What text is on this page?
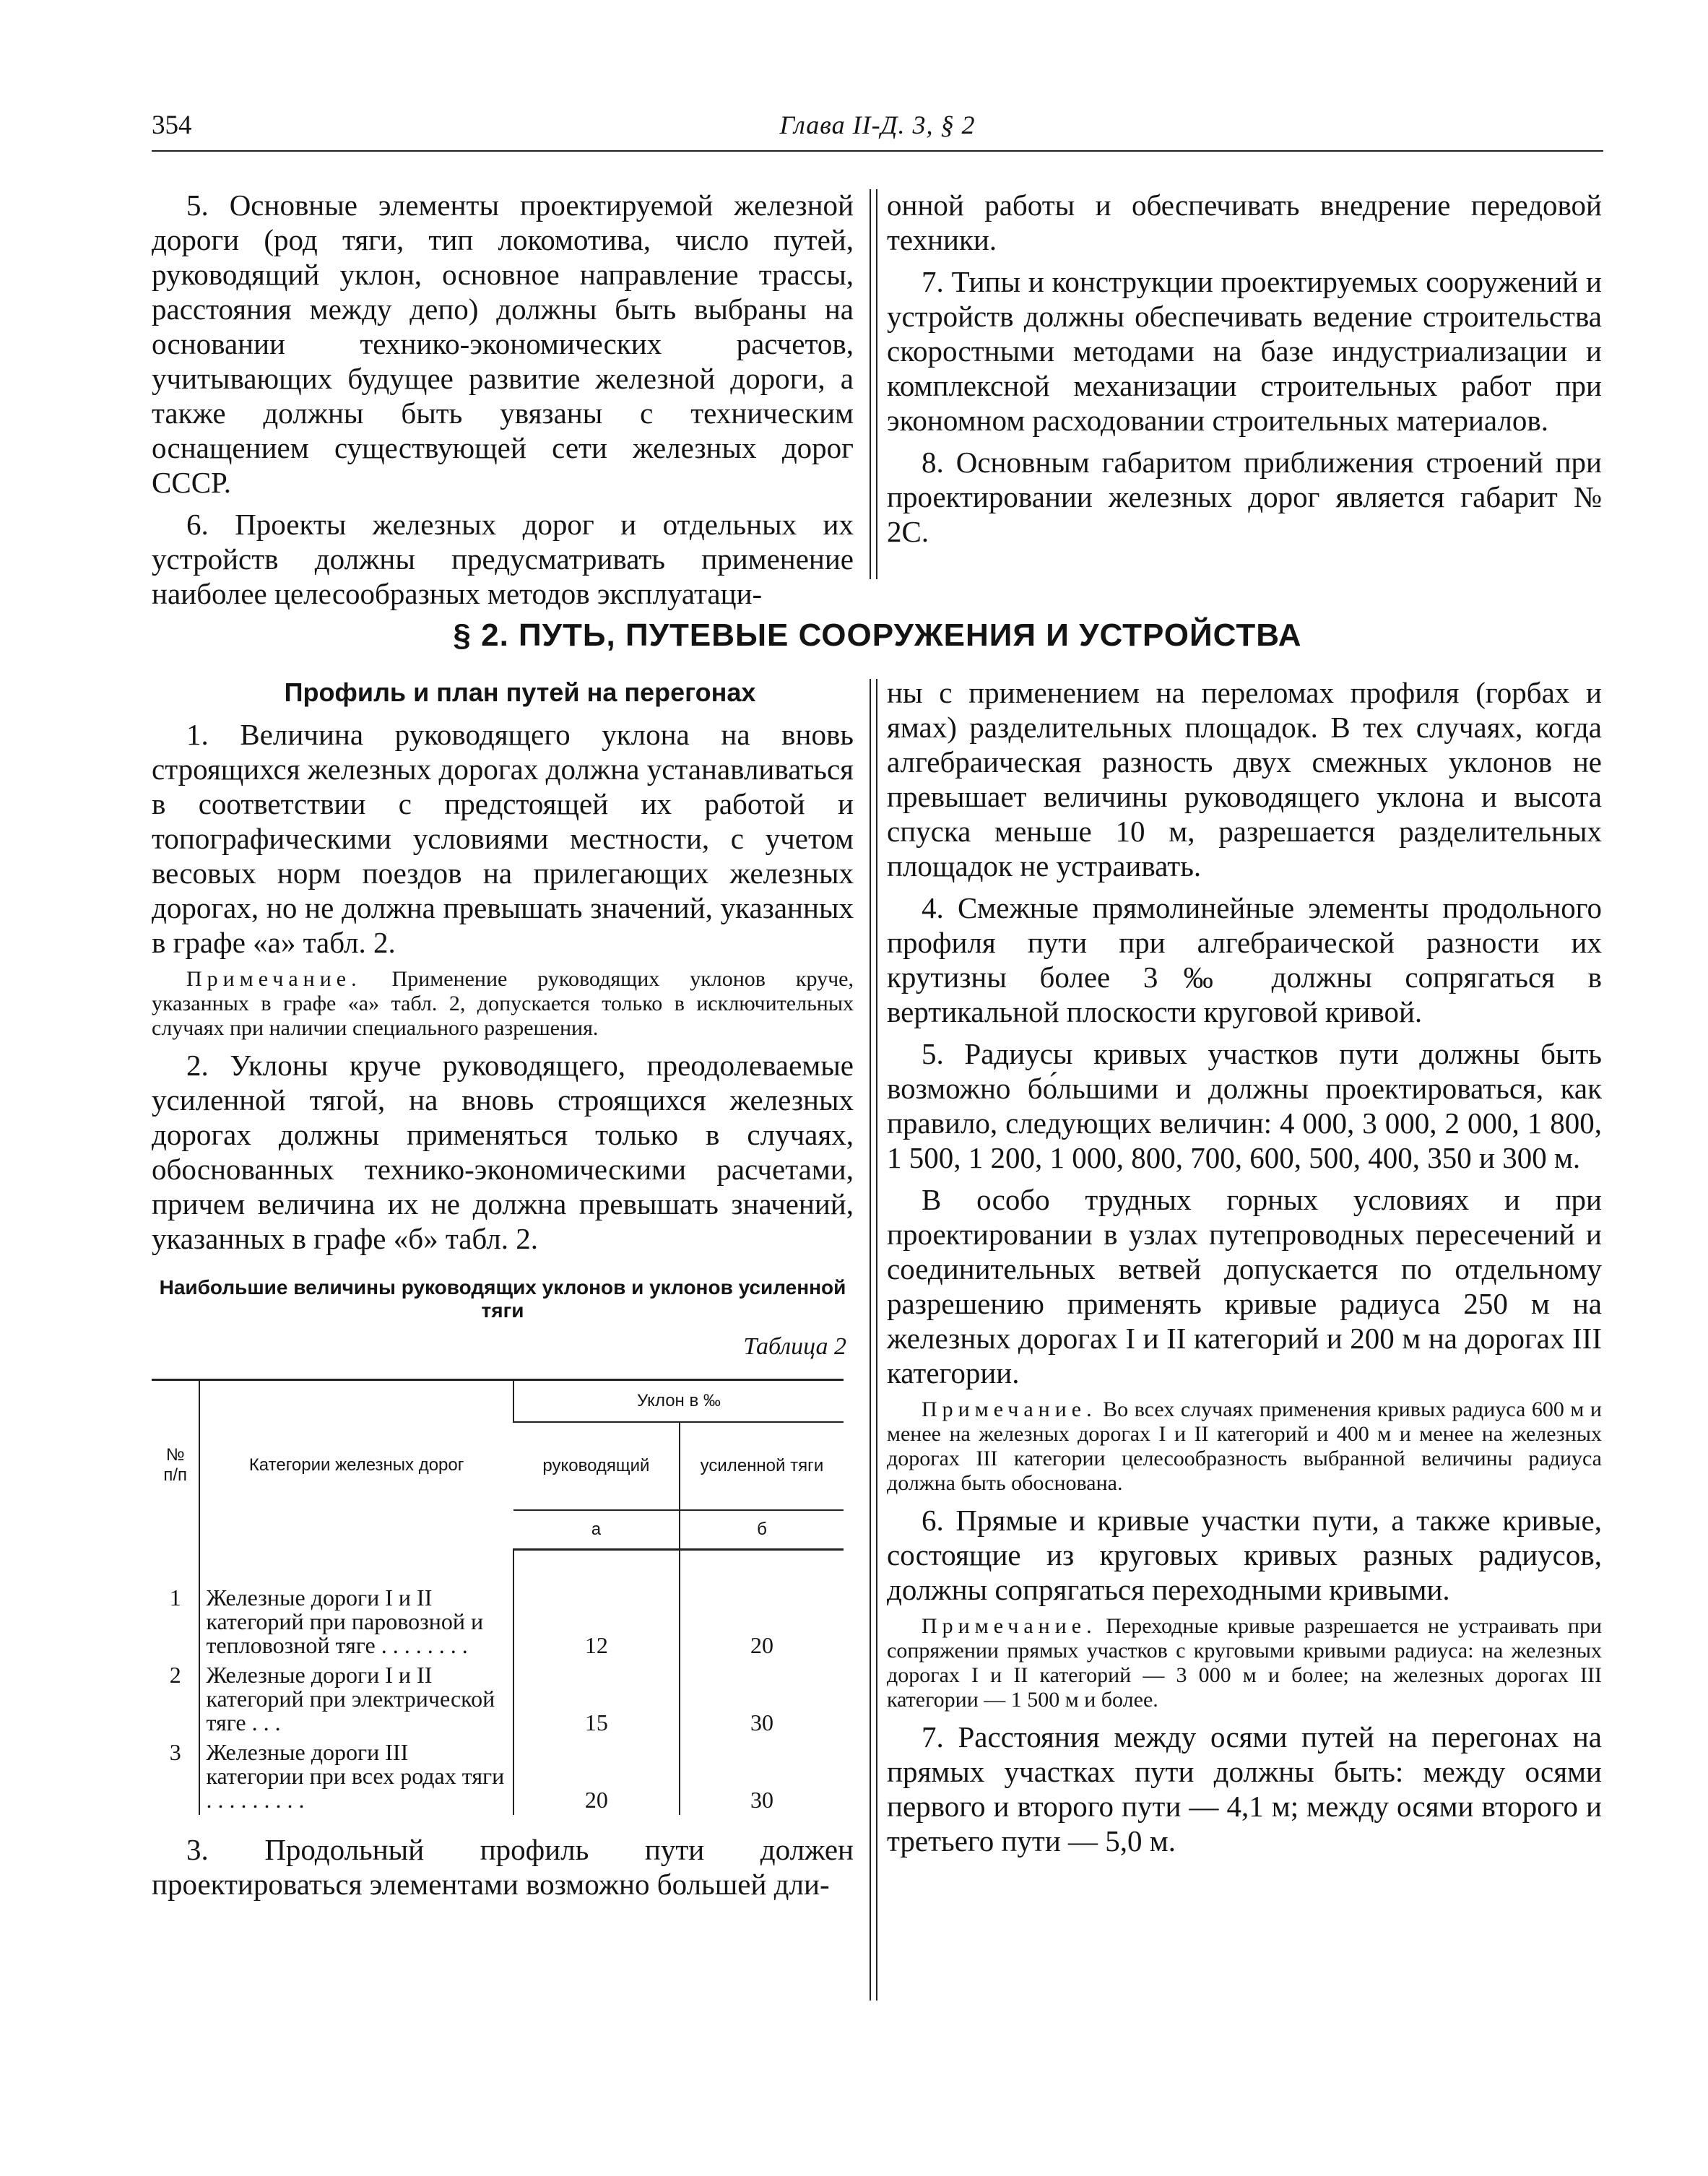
354	Глава II-Д. 3, § 2

5. Основные элементы проектируемой железной дороги (род тяги, тип локомотива, число путей, руководящий уклон, основное направление трассы, расстояния между депо) должны быть выбраны на основании технико-экономических расчетов, учитывающих будущее развитие железной дороги, а также должны быть увязаны с техническим оснащением существующей сети железных дорог СССР.

6. Проекты железных дорог и отдельных их устройств должны предусматривать применение наиболее целесообразных методов эксплуатаци-

онной работы и обеспечивать внедрение передовой техники.

7. Типы и конструкции проектируемых сооружений и устройств должны обеспечивать ведение строительства скоростными методами на базе индустриализации и комплексной механизации строительных работ при экономном расходовании строительных материалов.

8. Основным габаритом приближения строений при проектировании железных дорог является габарит № 2С.

§ 2. ПУТЬ, ПУТЕВЫЕ СООРУЖЕНИЯ И УСТРОЙСТВА

Профиль и план путей на перегонах

1. Величина руководящего уклона на вновь строящихся железных дорогах должна устанавливаться в соответствии с предстоящей их работой и топографическими условиями местности, с учетом весовых норм поездов на прилегающих железных дорогах, но не должна превышать значений, указанных в графе «а» табл. 2.

Примечание. Применение руководящих уклонов круче, указанных в графе «а» табл. 2, допускается только в исключительных случаях при наличии специального разрешения.

2. Уклоны круче руководящего, преодолеваемые усиленной тягой, на вновь строящихся железных дорогах должны применяться только в случаях, обоснованных технико-экономическими расчетами, причем величина их не должна превышать значений, указанных в графе «б» табл. 2.

Наибольшие величины руководящих уклонов и уклонов усиленной тяги
Таблица 2
№ п/п	Категории железных дорог	Уклон в ‰	
		руководящий	усиленной тяги
		а	б
1	Железные дороги I и II категорий при паровозной и тепловозной тяге . . . . . . . .	12	20
2	Железные дороги I и II категорий при электрической тяге . . .	15	30
3	Железные дороги III категории при всех родах тяги . . . . . . . . .	20	30

3. Продольный профиль пути должен проектироваться элементами возможно большей дли-

ны с применением на переломах профиля (горбах и ямах) разделительных площадок. В тех случаях, когда алгебраическая разность двух смежных уклонов не превышает величины руководящего уклона и высота спуска меньше 10 м, разрешается разделительных площадок не устраивать.

4. Смежные прямолинейные элементы продольного профиля пути при алгебраической разности их крутизны более 3‰ должны сопрягаться в вертикальной плоскости круговой кривой.

5. Радиусы кривых участков пути должны быть возможно бо́льшими и должны проектироваться, как правило, следующих величин: 4 000, 3 000, 2 000, 1 800, 1 500, 1 200, 1 000, 800, 700, 600, 500, 400, 350 и 300 м.

В особо трудных горных условиях и при проектировании в узлах путепроводных пересечений и соединительных ветвей допускается по отдельному разрешению применять кривые радиуса 250 м на железных дорогах I и II категорий и 200 м на дорогах III категории.

Примечание. Во всех случаях применения кривых радиуса 600 м и менее на железных дорогах I и II категорий и 400 м и менее на железных дорогах III категории целесообразность выбранной величины радиуса должна быть обоснована.

6. Прямые и кривые участки пути, а также кривые, состоящие из круговых кривых разных радиусов, должны сопрягаться переходными кривыми.

Примечание. Переходные кривые разрешается не устраивать при сопряжении прямых участков с круговыми кривыми радиуса: на железных дорогах I и II категорий — 3 000 м и более; на железных дорогах III категории — 1 500 м и более.

7. Расстояния между осями путей на перегонах на прямых участках пути должны быть: между осями первого и второго пути — 4,1 м; между осями второго и третьего пути — 5,0 м.
